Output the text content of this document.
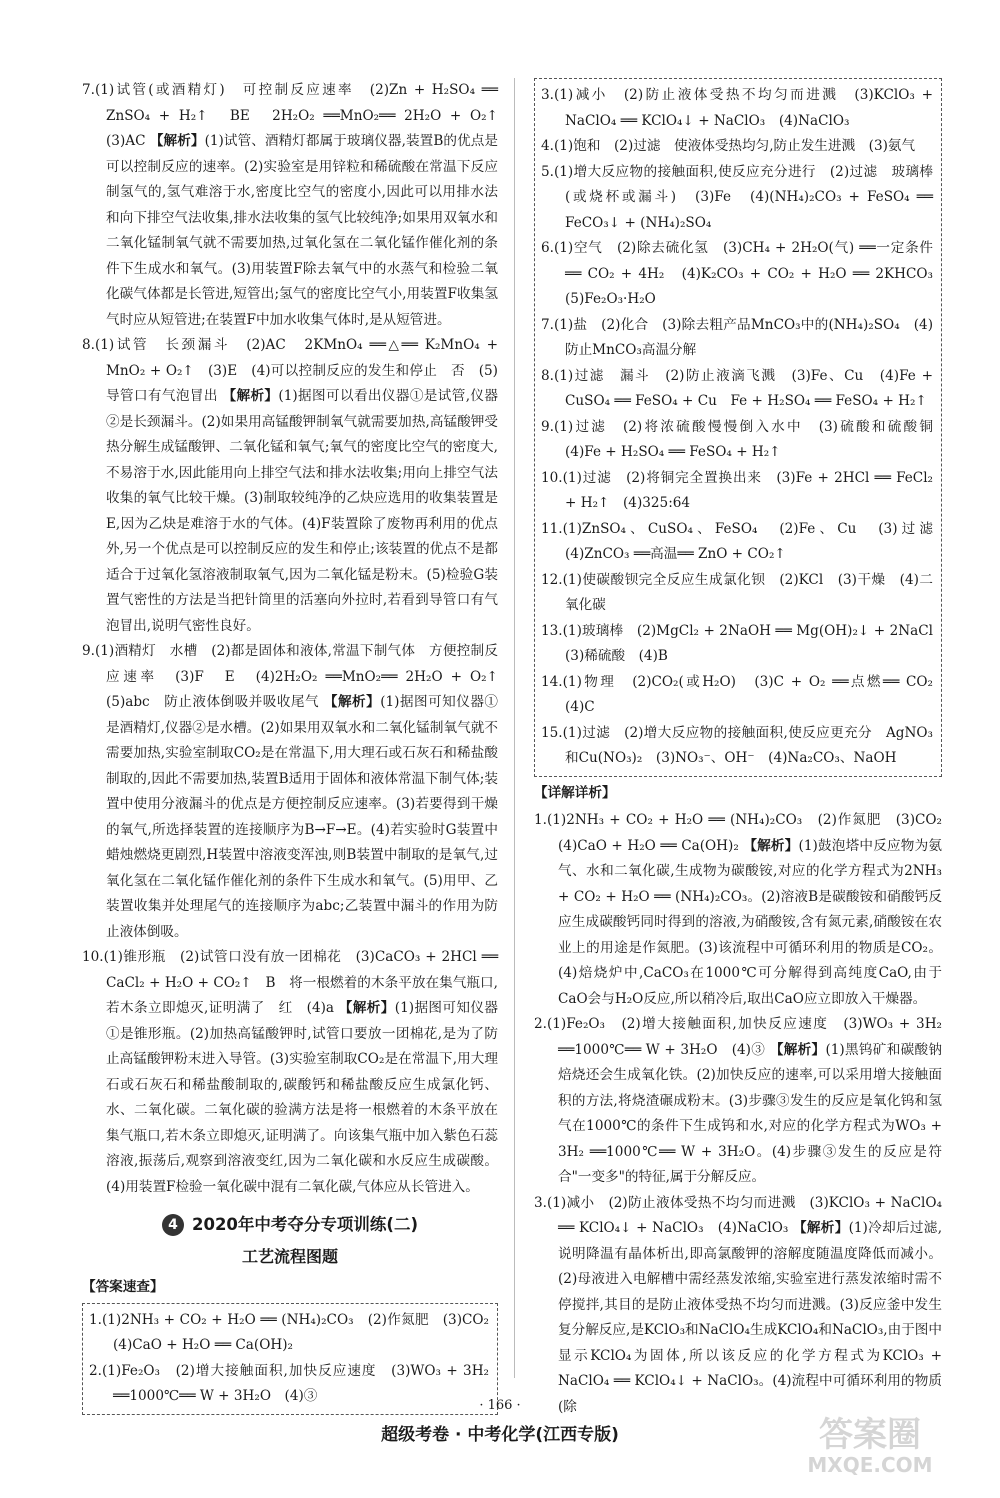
7.(1)试管(或酒精灯)　可控制反应速率　(2)Zn + H₂SO₄ ══ ZnSO₄ + H₂↑　BE　2H₂O₂ ══MnO₂══ 2H₂O + O₂↑　(3)AC 【解析】(1)试管、酒精灯都属于玻璃仪器,装置B的优点是可以控制反应的速率。(2)实验室是用锌粒和稀硫酸在常温下反应制氢气的,氢气难溶于水,密度比空气的密度小,因此可以用排水法和向下排空气法收集,排水法收集的氢气比较纯净;如果用双氧水和二氧化锰制氧气就不需要加热,过氧化氢在二氧化锰作催化剂的条件下生成水和氧气。(3)用装置F除去氧气中的水蒸气和检验二氧化碳气体都是长管进,短管出;氢气的密度比空气小,用装置F收集氢气时应从短管进;在装置F中加水收集气体时,是从短管进。

8.(1)试管　长颈漏斗　(2)AC　2KMnO₄ ══△══ K₂MnO₄ + MnO₂ + O₂↑　(3)E　(4)可以控制反应的发生和停止　否　(5)导管口有气泡冒出 【解析】(1)据图可以看出仪器①是试管,仪器②是长颈漏斗。(2)如果用高锰酸钾制氧气就需要加热,高锰酸钾受热分解生成锰酸钾、二氧化锰和氧气;氧气的密度比空气的密度大,不易溶于水,因此能用向上排空气法和排水法收集;用向上排空气法收集的氧气比较干燥。(3)制取较纯净的乙炔应选用的收集装置是E,因为乙炔是难溶于水的气体。(4)F装置除了废物再利用的优点外,另一个优点是可以控制反应的发生和停止;该装置的优点不是都适合于过氧化氢溶液制取氧气,因为二氧化锰是粉末。(5)检验G装置气密性的方法是当把针筒里的活塞向外拉时,若看到导管口有气泡冒出,说明气密性良好。

9.(1)酒精灯　水槽　(2)都是固体和液体,常温下制气体　方便控制反应速率　(3)F　E　(4)2H₂O₂ ══MnO₂══ 2H₂O + O₂↑　(5)abc　防止液体倒吸并吸收尾气 【解析】(1)据图可知仪器①是酒精灯,仪器②是水槽。(2)如果用双氧水和二氧化锰制氧气就不需要加热,实验室制取CO₂是在常温下,用大理石或石灰石和稀盐酸制取的,因此不需要加热,装置B适用于固体和液体常温下制气体;装置中使用分液漏斗的优点是方便控制反应速率。(3)若要得到干燥的氧气,所选择装置的连接顺序为B→F→E。(4)若实验时G装置中蜡烛燃烧更剧烈,H装置中溶液变浑浊,则B装置中制取的是氧气,过氧化氢在二氧化锰作催化剂的条件下生成水和氧气。(5)用甲、乙装置收集并处理尾气的连接顺序为abc;乙装置中漏斗的作用为防止液体倒吸。

10.(1)锥形瓶　(2)试管口没有放一团棉花　(3)CaCO₃ + 2HCl ══ CaCl₂ + H₂O + CO₂↑　B　将一根燃着的木条平放在集气瓶口,若木条立即熄灭,证明满了　红　(4)a 【解析】(1)据图可知仪器①是锥形瓶。(2)加热高锰酸钾时,试管口要放一团棉花,是为了防止高锰酸钾粉末进入导管。(3)实验室制取CO₂是在常温下,用大理石或石灰石和稀盐酸制取的,碳酸钙和稀盐酸反应生成氯化钙、水、二氧化碳。二氧化碳的验满方法是将一根燃着的木条平放在集气瓶口,若木条立即熄灭,证明满了。向该集气瓶中加入紫色石蕊溶液,振荡后,观察到溶液变红,因为二氧化碳和水反应生成碳酸。(4)用装置F检验一氧化碳中混有二氧化碳,气体应从长管进入。

4 2020年中考夺分专项训练(二)
工艺流程图题
【答案速查】

1.(1)2NH₃ + CO₂ + H₂O ══ (NH₄)₂CO₃　(2)作氮肥　(3)CO₂　(4)CaO + H₂O ══ Ca(OH)₂

2.(1)Fe₂O₃　(2)增大接触面积,加快反应速度　(3)WO₃ + 3H₂ ══1000℃══ W + 3H₂O　(4)③

3.(1)减小　(2)防止液体受热不均匀而进溅　(3)KClO₃ + NaClO₄ ══ KClO₄↓ + NaClO₃　(4)NaClO₃

4.(1)饱和　(2)过滤　使液体受热均匀,防止发生进溅　(3)氨气

5.(1)增大反应物的接触面积,使反应充分进行　(2)过滤　玻璃棒(或烧杯或漏斗)　(3)Fe　(4)(NH₄)₂CO₃ + FeSO₄ ══ FeCO₃↓ + (NH₄)₂SO₄

6.(1)空气　(2)除去硫化氢　(3)CH₄ + 2H₂O(气) ══一定条件══ CO₂ + 4H₂　(4)K₂CO₃ + CO₂ + H₂O ══ 2KHCO₃　(5)Fe₂O₃·H₂O

7.(1)盐　(2)化合　(3)除去粗产品MnCO₃中的(NH₄)₂SO₄　(4)防止MnCO₃高温分解

8.(1)过滤　漏斗　(2)防止液滴飞溅　(3)Fe、Cu　(4)Fe + CuSO₄ ══ FeSO₄ + Cu　Fe + H₂SO₄ ══ FeSO₄ + H₂↑

9.(1)过滤　(2)将浓硫酸慢慢倒入水中　(3)硫酸和硫酸铜　(4)Fe + H₂SO₄ ══ FeSO₄ + H₂↑

10.(1)过滤　(2)将铜完全置换出来　(3)Fe + 2HCl ══ FeCl₂ + H₂↑　(4)325:64

11.(1)ZnSO₄、CuSO₄、FeSO₄　(2)Fe、Cu　(3)过滤　(4)ZnCO₃ ══高温══ ZnO + CO₂↑

12.(1)使碳酸钡完全反应生成氯化钡　(2)KCl　(3)干燥　(4)二氧化碳

13.(1)玻璃棒　(2)MgCl₂ + 2NaOH ══ Mg(OH)₂↓ + 2NaCl　(3)稀硫酸　(4)B

14.(1)物理　(2)CO₂(或H₂O)　(3)C + O₂ ══点燃══ CO₂　(4)C

15.(1)过滤　(2)增大反应物的接触面积,使反应更充分　AgNO₃和Cu(NO₃)₂　(3)NO₃⁻、OH⁻　(4)Na₂CO₃、NaOH

【详解详析】

1.(1)2NH₃ + CO₂ + H₂O ══ (NH₄)₂CO₃　(2)作氮肥　(3)CO₂　(4)CaO + H₂O ══ Ca(OH)₂ 【解析】(1)鼓泡塔中反应物为氨气、水和二氧化碳,生成物为碳酸铵,对应的化学方程式为2NH₃ + CO₂ + H₂O ══ (NH₄)₂CO₃。(2)溶液B是碳酸铵和硝酸钙反应生成碳酸钙同时得到的溶液,为硝酸铵,含有氮元素,硝酸铵在农业上的用途是作氮肥。(3)该流程中可循环利用的物质是CO₂。(4)焙烧炉中,CaCO₃在1000℃可分解得到高纯度CaO,由于CaO会与H₂O反应,所以稍冷后,取出CaO应立即放入干燥器。

2.(1)Fe₂O₃　(2)增大接触面积,加快反应速度　(3)WO₃ + 3H₂ ══1000℃══ W + 3H₂O　(4)③ 【解析】(1)黑钨矿和碳酸钠焙烧还会生成氧化铁。(2)加快反应的速率,可以采用增大接触面积的方法,将烧渣碾成粉末。(3)步骤③发生的反应是氧化钨和氢气在1000℃的条件下生成钨和水,对应的化学方程式为WO₃ + 3H₂ ══1000℃══ W + 3H₂O。(4)步骤③发生的反应是符合"一变多"的特征,属于分解反应。

3.(1)减小　(2)防止液体受热不均匀而进溅　(3)KClO₃ + NaClO₄ ══ KClO₄↓ + NaClO₃　(4)NaClO₃ 【解析】(1)冷却后过滤,说明降温有晶体析出,即高氯酸钾的溶解度随温度降低而减小。(2)母液进入电解槽中需经蒸发浓缩,实验室进行蒸发浓缩时需不停搅拌,其目的是防止液体受热不均匀而进溅。(3)反应釜中发生复分解反应,是KClO₃和NaClO₄生成KClO₄和NaClO₃,由于图中显示KClO₄为固体,所以该反应的化学方程式为KClO₃ + NaClO₄ ══ KClO₄↓ + NaClO₃。(4)流程中可循环利用的物质(除

· 166 ·
超级考卷 · 中考化学(江西专版)	答案圈
MXQE.COM
